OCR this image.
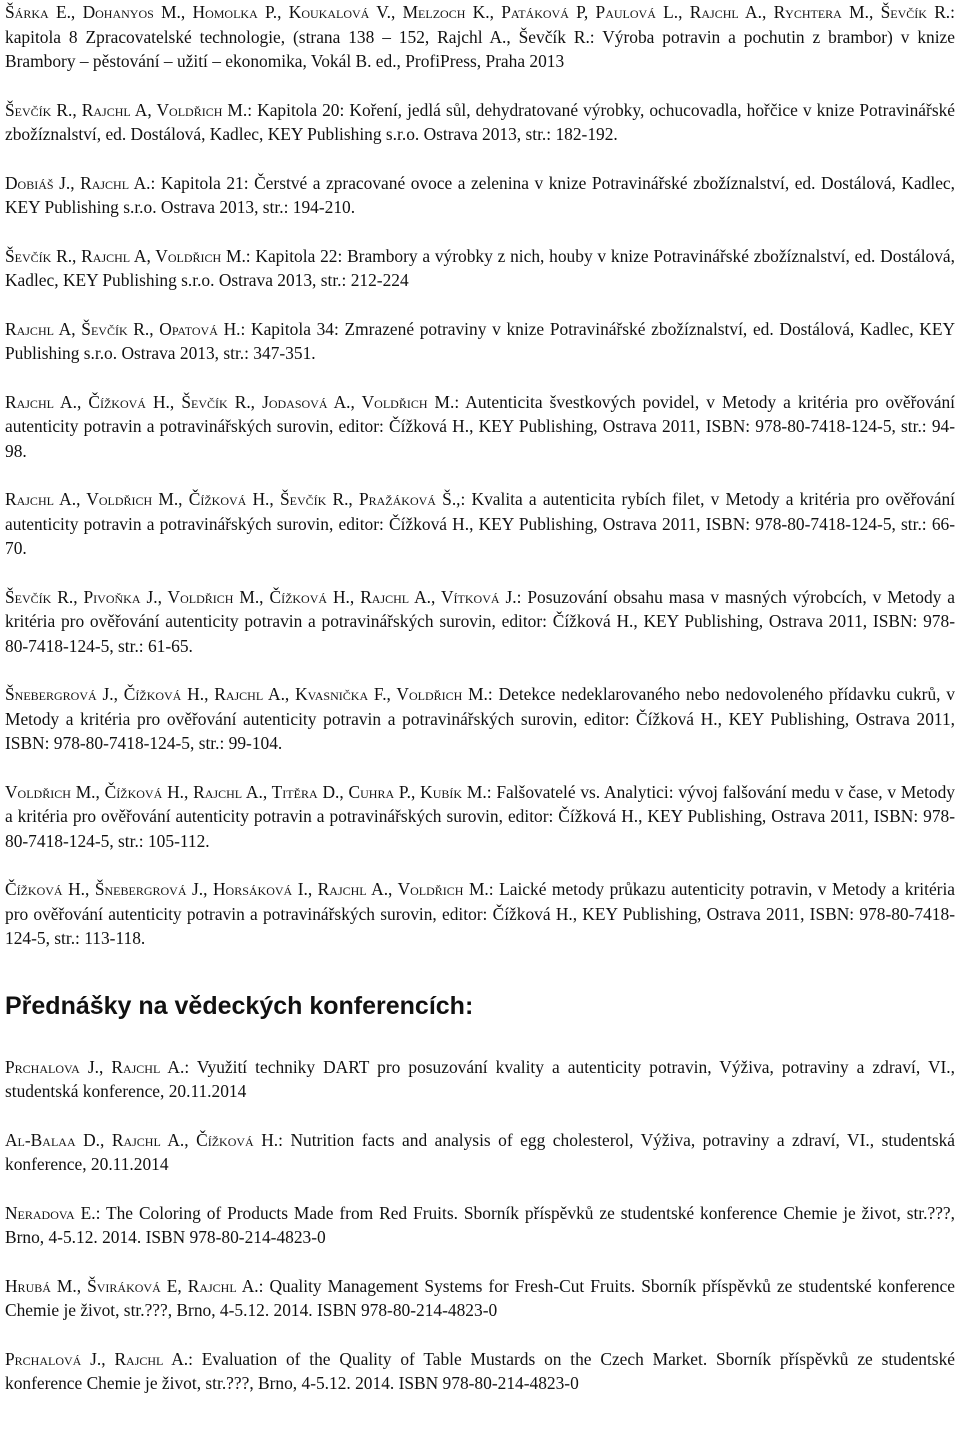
Šárka E., Dohanyos M., Homolka P., Koukalová V., Melzoch K., Patáková P, Paulová L., Rajchl A., Rychtera M., Ševčík R.: kapitola 8 Zpracovatelské technologie, (strana 138 – 152, Rajchl A., Ševčík R.: Výroba potravin a pochutin z brambor) v knize Brambory – pěstování – užití – ekonomika, Vokál B. ed., ProfiPress, Praha 2013

Ševčík R., Rajchl A, Voldřich M.: Kapitola 20: Koření, jedlá sůl, dehydratované výrobky, ochucovadla, hořčice v knize Potravinářské zbožíznalství, ed. Dostálová, Kadlec, KEY Publishing s.r.o. Ostrava 2013, str.: 182-192.

Dobiáš J., Rajchl A.: Kapitola 21: Čerstvé a zpracované ovoce a zelenina v knize Potravinářské zbožíznalství, ed. Dostálová, Kadlec, KEY Publishing s.r.o. Ostrava 2013, str.: 194-210.

Ševčík R., Rajchl A, Voldřich M.: Kapitola 22: Brambory a výrobky z nich, houby v knize Potravinářské zbožíznalství, ed. Dostálová, Kadlec, KEY Publishing s.r.o. Ostrava 2013, str.: 212-224

Rajchl A, Ševčík R., Opatová H.: Kapitola 34: Zmrazené potraviny v knize Potravinářské zbožíznalství, ed. Dostálová, Kadlec, KEY Publishing s.r.o. Ostrava 2013, str.: 347-351.

Rajchl A., Čížková H., Ševčík R., Jodasová A., Voldřich M.: Autenticita švestkových povidel, v Metody a kritéria pro ověřování autenticity potravin a potravinářských surovin, editor: Čížková H., KEY Publishing, Ostrava 2011, ISBN: 978-80-7418-124-5, str.: 94-98.

Rajchl A., Voldřich M., Čížková H., Ševčík R., Pražáková Š.,: Kvalita a autenticita rybích filet, v Metody a kritéria pro ověřování autenticity potravin a potravinářských surovin, editor: Čížková H., KEY Publishing, Ostrava 2011, ISBN: 978-80-7418-124-5, str.: 66-70.

Ševčík R., Pivoňka J., Voldřich M., Čížková H., Rajchl A., Vítková J.: Posuzování obsahu masa v masných výrobcích, v Metody a kritéria pro ověřování autenticity potravin a potravinářských surovin, editor: Čížková H., KEY Publishing, Ostrava 2011, ISBN: 978-80-7418-124-5, str.: 61-65.

Šnebergrová J., Čížková H., Rajchl A., Kvasnička F., Voldřich M.: Detekce nedeklarovaného nebo nedovoleného přídavku cukrů, v Metody a kritéria pro ověřování autenticity potravin a potravinářských surovin, editor: Čížková H., KEY Publishing, Ostrava 2011, ISBN: 978-80-7418-124-5, str.: 99-104.

Voldřich M., Čížková H., Rajchl A., Titěra D., Cuhra P., Kubík M.: Falšovatelé vs. Analytici: vývoj falšování medu v čase, v Metody a kritéria pro ověřování autenticity potravin a potravinářských surovin, editor: Čížková H., KEY Publishing, Ostrava 2011, ISBN: 978-80-7418-124-5, str.: 105-112.

Čížková H., Šnebergrová J., Horsáková I., Rajchl A., Voldřich M.: Laické metody průkazu autenticity potravin, v Metody a kritéria pro ověřování autenticity potravin a potravinářských surovin, editor: Čížková H., KEY Publishing, Ostrava 2011, ISBN: 978-80-7418-124-5, str.: 113-118.

Přednášky na vědeckých konferencích:

Prchalova J., Rajchl A.: Využití techniky DART pro posuzování kvality a autenticity potravin, Výživa, potraviny a zdraví, VI., studentská konference, 20.11.2014

Al-Balaa D., Rajchl A., Čížková H.: Nutrition facts and analysis of egg cholesterol, Výživa, potraviny a zdraví, VI., studentská konference, 20.11.2014

Neradova E.: The Coloring of Products Made from Red Fruits. Sborník příspěvků ze studentské konference Chemie je život, str.???, Brno, 4-5.12. 2014. ISBN 978-80-214-4823-0

Hrubá M., Šviráková E, Rajchl A.: Quality Management Systems for Fresh-Cut Fruits. Sborník příspěvků ze studentské konference Chemie je život, str.???, Brno, 4-5.12. 2014. ISBN 978-80-214-4823-0

Prchalová J., Rajchl A.: Evaluation of the Quality of Table Mustards on the Czech Market. Sborník příspěvků ze studentské konference Chemie je život, str.???, Brno, 4-5.12. 2014. ISBN 978-80-214-4823-0
